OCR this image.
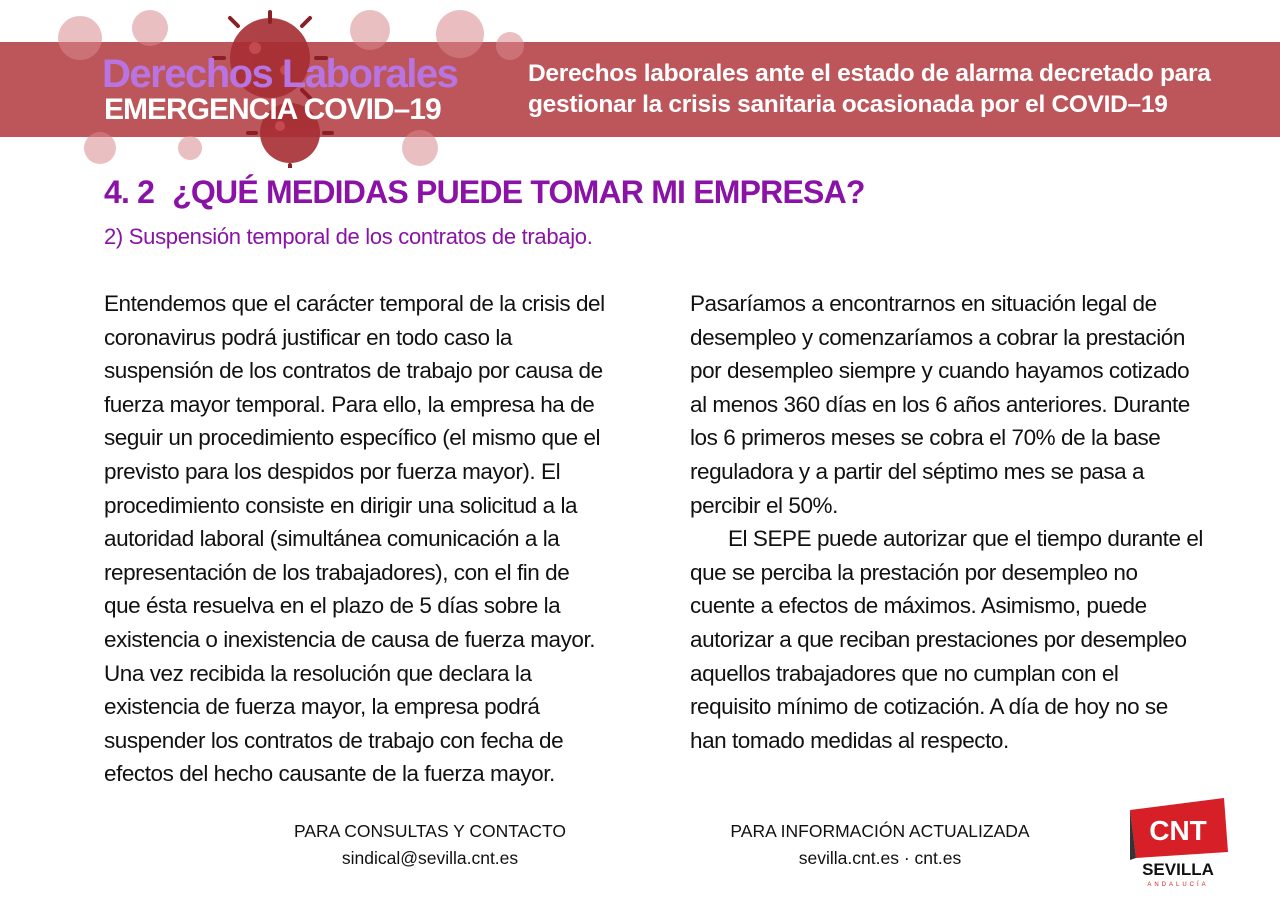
Derechos Laborales
EMERGENCIA COVID–19

Derechos laborales ante el estado de alarma decretado para
gestionar la crisis sanitaria ocasionada por el COVID–19

4. 2 ¿QUÉ MEDIDAS PUEDE TOMAR MI EMPRESA?
2) Suspensión temporal de los contratos de trabajo.

Entendemos que el carácter temporal de la crisis del
coronavirus podrá justificar en todo caso la
suspensión de los contratos de trabajo por causa de
fuerza mayor temporal. Para ello, la empresa ha de
seguir un procedimiento específico (el mismo que el
previsto para los despidos por fuerza mayor). El
procedimiento consiste en dirigir una solicitud a la
autoridad laboral (simultánea comunicación a la
representación de los trabajadores), con el fin de
que ésta resuelva en el plazo de 5 días sobre la
existencia o inexistencia de causa de fuerza mayor.
Una vez recibida la resolución que declara la
existencia de fuerza mayor, la empresa podrá
suspender los contratos de trabajo con fecha de
efectos del hecho causante de la fuerza mayor.

Pasaríamos a encontrarnos en situación legal de
desempleo y comenzaríamos a cobrar la prestación
por desempleo siempre y cuando hayamos cotizado
al menos 360 días en los 6 años anteriores. Durante
los 6 primeros meses se cobra el 70% de la base
reguladora y a partir del séptimo mes se pasa a
percibir el 50%.

El SEPE puede autorizar que el tiempo durante el
que se perciba la prestación por desempleo no
cuente a efectos de máximos. Asimismo, puede
autorizar a que reciban prestaciones por desempleo
aquellos trabajadores que no cumplan con el
requisito mínimo de cotización. A día de hoy no se
han tomado medidas al respecto.

PARA CONSULTAS Y CONTACTO
sindical@sevilla.cnt.es
PARA INFORMACIÓN ACTUALIZADA
sevilla.cnt.es · cnt.es
CNT
SEVILLA
ANDALUCÍA
